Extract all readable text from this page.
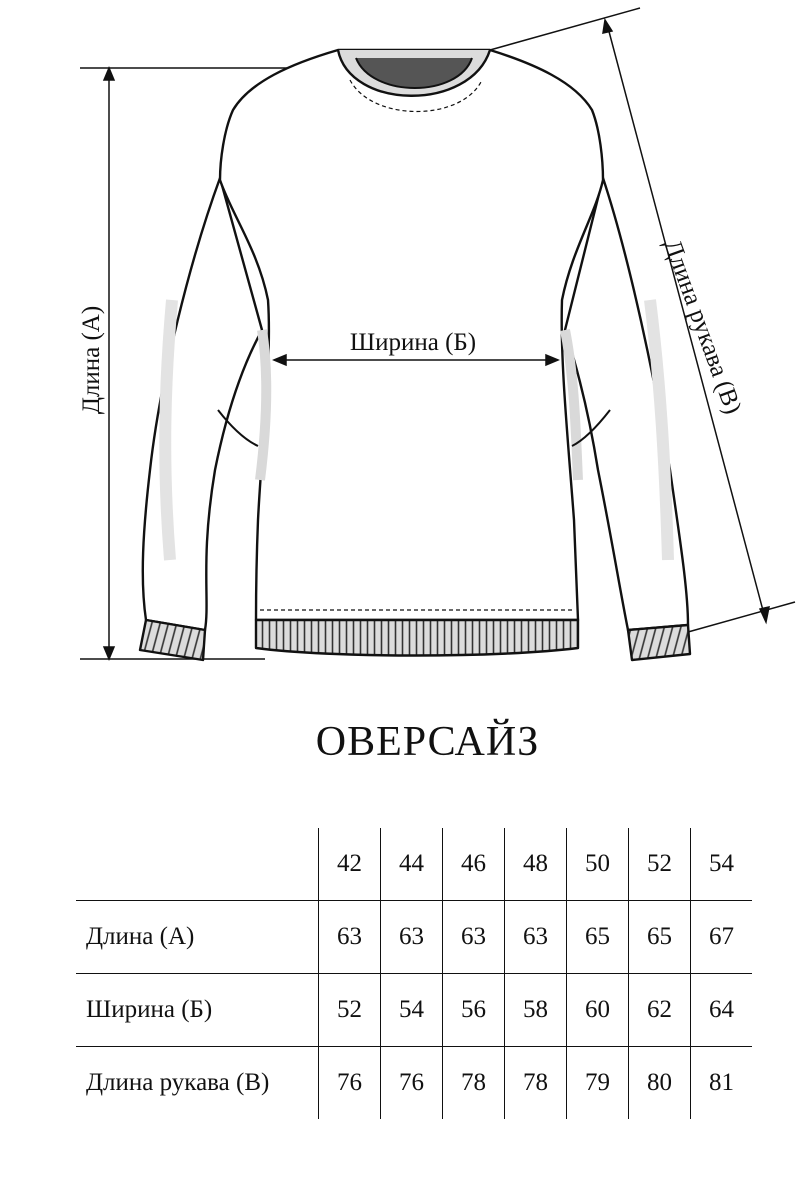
Длина (А)	Ширина (Б)	Длина рукава (В)
ОВЕРСАЙЗ
	42	44	46	48	50	52	54
Длина (А)	63	63	63	63	65	65	67
Ширина (Б)	52	54	56	58	60	62	64
Длина рукава (В)	76	76	78	78	79	80	81
